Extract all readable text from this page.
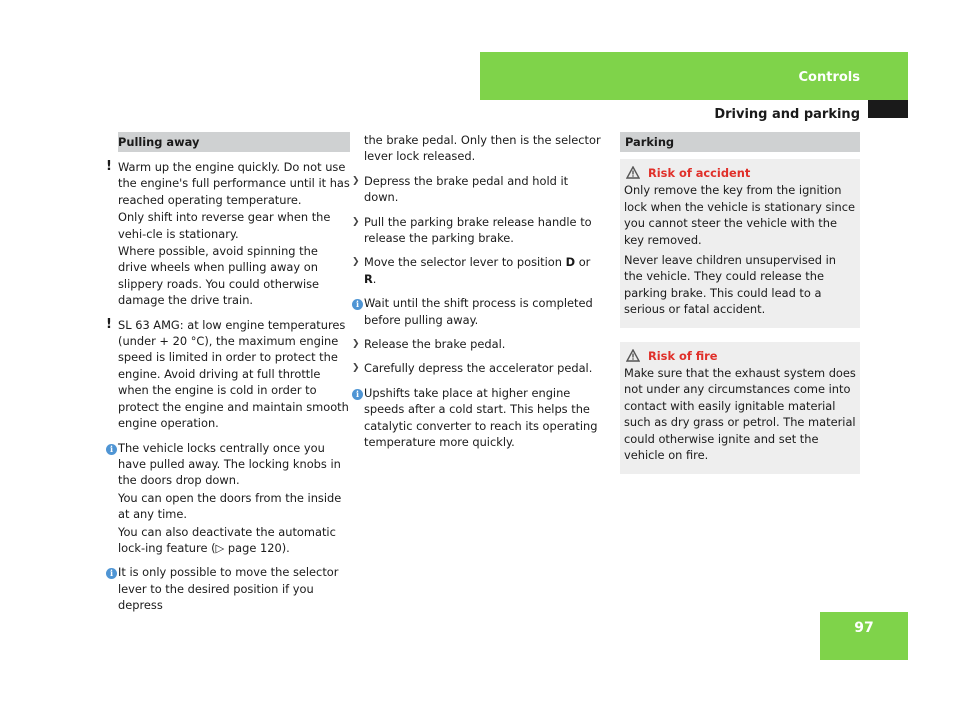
Controls
Driving and parking
Pulling away
! Warm up the engine quickly. Do not use the engine's full performance until it has reached operating temperature.

Only shift into reverse gear when the vehi-cle is stationary.

Where possible, avoid spinning the drive wheels when pulling away on slippery roads. You could otherwise damage the drive train.

! SL 63 AMG: at low engine temperatures (under + 20 °C), the maximum engine speed is limited in order to protect the engine. Avoid driving at full throttle when the engine is cold in order to protect the engine and maintain smooth engine operation.

i The vehicle locks centrally once you have pulled away. The locking knobs in the doors drop down.

You can open the doors from the inside at any time.

You can also deactivate the automatic lock-ing feature (▷ page 120).

i It is only possible to move the selector lever to the desired position if you depress

the brake pedal. Only then is the selector lever lock released.

❯ Depress the brake pedal and hold it down.

❯ Pull the parking brake release handle to release the parking brake.

❯ Move the selector lever to position D or R.

i Wait until the shift process is completed before pulling away.

❯ Release the brake pedal.

❯ Carefully depress the accelerator pedal.

i Upshifts take place at higher engine speeds after a cold start. This helps the catalytic converter to reach its operating temperature more quickly.

Parking
Risk of accident

Only remove the key from the ignition lock when the vehicle is stationary since you cannot steer the vehicle with the key removed.

Never leave children unsupervised in the vehicle. They could release the parking brake. This could lead to a serious or fatal accident.

Risk of fire

Make sure that the exhaust system does not under any circumstances come into contact with easily ignitable material such as dry grass or petrol. The material could otherwise ignite and set the vehicle on fire.

97
